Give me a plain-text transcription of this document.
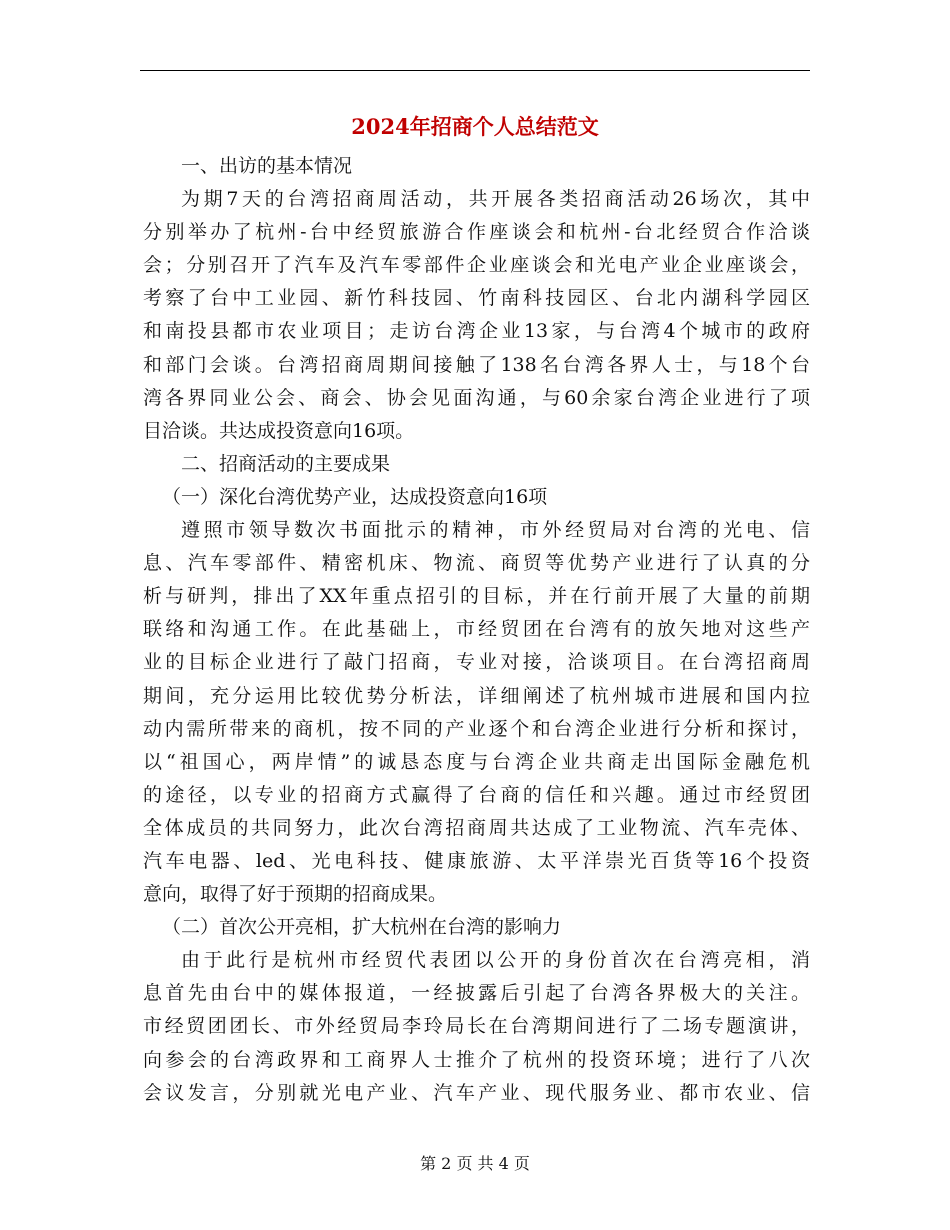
2024年招商个人总结范文
一、出访的基本情况
为期7天的台湾招商周活动，共开展各类招商活动26场次，其中
分别举办了杭州-台中经贸旅游合作座谈会和杭州-台北经贸合作洽谈
会；分别召开了汽车及汽车零部件企业座谈会和光电产业企业座谈会，
考察了台中工业园、新竹科技园、竹南科技园区、台北内湖科学园区
和南投县都市农业项目；走访台湾企业13家，与台湾4个城市的政府
和部门会谈。台湾招商周期间接触了138名台湾各界人士，与18个台
湾各界同业公会、商会、协会见面沟通，与60余家台湾企业进行了项
目洽谈。共达成投资意向16项。
二、招商活动的主要成果
（一）深化台湾优势产业，达成投资意向16项
遵照市领导数次书面批示的精神，市外经贸局对台湾的光电、信
息、汽车零部件、精密机床、物流、商贸等优势产业进行了认真的分
析与研判，排出了XX年重点招引的目标，并在行前开展了大量的前期
联络和沟通工作。在此基础上，市经贸团在台湾有的放矢地对这些产
业的目标企业进行了敲门招商，专业对接，洽谈项目。在台湾招商周
期间，充分运用比较优势分析法，详细阐述了杭州城市进展和国内拉
动内需所带来的商机，按不同的产业逐个和台湾企业进行分析和探讨，
以“祖国心，两岸情”的诚恳态度与台湾企业共商走出国际金融危机
的途径，以专业的招商方式赢得了台商的信任和兴趣。通过市经贸团
全体成员的共同努力，此次台湾招商周共达成了工业物流、汽车壳体、
汽车电器、led、光电科技、健康旅游、太平洋崇光百货等16个投资
意向，取得了好于预期的招商成果。
（二）首次公开亮相，扩大杭州在台湾的影响力
由于此行是杭州市经贸代表团以公开的身份首次在台湾亮相，消
息首先由台中的媒体报道，一经披露后引起了台湾各界极大的关注。
市经贸团团长、市外经贸局李玲局长在台湾期间进行了二场专题演讲，
向参会的台湾政界和工商界人士推介了杭州的投资环境；进行了八次
会议发言，分别就光电产业、汽车产业、现代服务业、都市农业、信
第 2 页 共 4 页
